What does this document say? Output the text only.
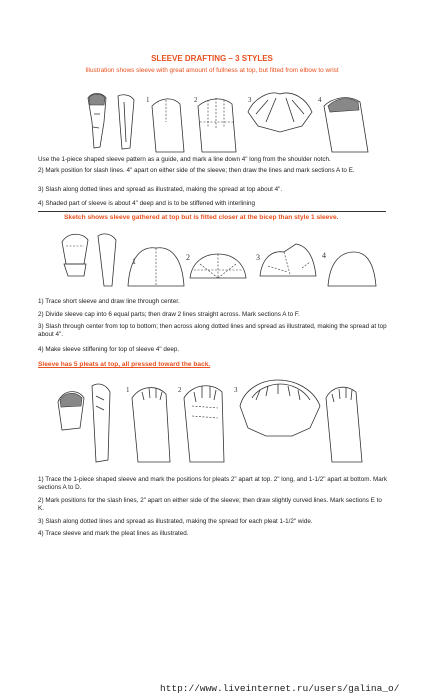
SLEEVE DRAFTING – 3 STYLES
Illustration shows sleeve with great amount of fullness at top, but fitted from elbow to wrist
1	2	3	4
Use the 1-piece shaped sleeve pattern as a guide, and mark a line down 4" long from the shoulder notch.
2) Mark position for slash lines. 4" apart on either side of the sleeve; then draw the lines and mark sections A to E.
3) Slash along dotted lines and spread as illustrated, making the spread at top about 4".
4) Shaded part of sleeve is about 4" deep and is to be stiffened with interlining
Sketch shows sleeve gathered at top but is fitted closer at the bicep than style 1 sleeve.
1	2	3	4
1) Trace short sleeve and draw line through center.
2) Divide sleeve cap into 6 equal parts; then draw 2 lines straight across. Mark sections A to F.
3) Slash through center from top to bottom; then across along dotted lines and spread as illustrated, making the spread at top about 4".
4) Make sleeve stiffening for top of sleeve 4" deep.
Sleeve has 5 pleats at top, all pressed toward the back.
1	2	3
1) Trace the 1-piece shaped sleeve and mark the positions for pleats 2" apart at top. 2" long, and 1-1/2" apart at bottom. Mark sections A to D.
2) Mark positions for the slash lines, 2" apart on either side of the sleeve; then draw slightly curved lines. Mark sections E to K.
3) Slash along dotted lines and spread as illustrated, making the spread for each pleat 1-1/2" wide.
4) Trace sleeve and mark the pleat lines as illustrated.
http://www.liveinternet.ru/users/galina_o/
